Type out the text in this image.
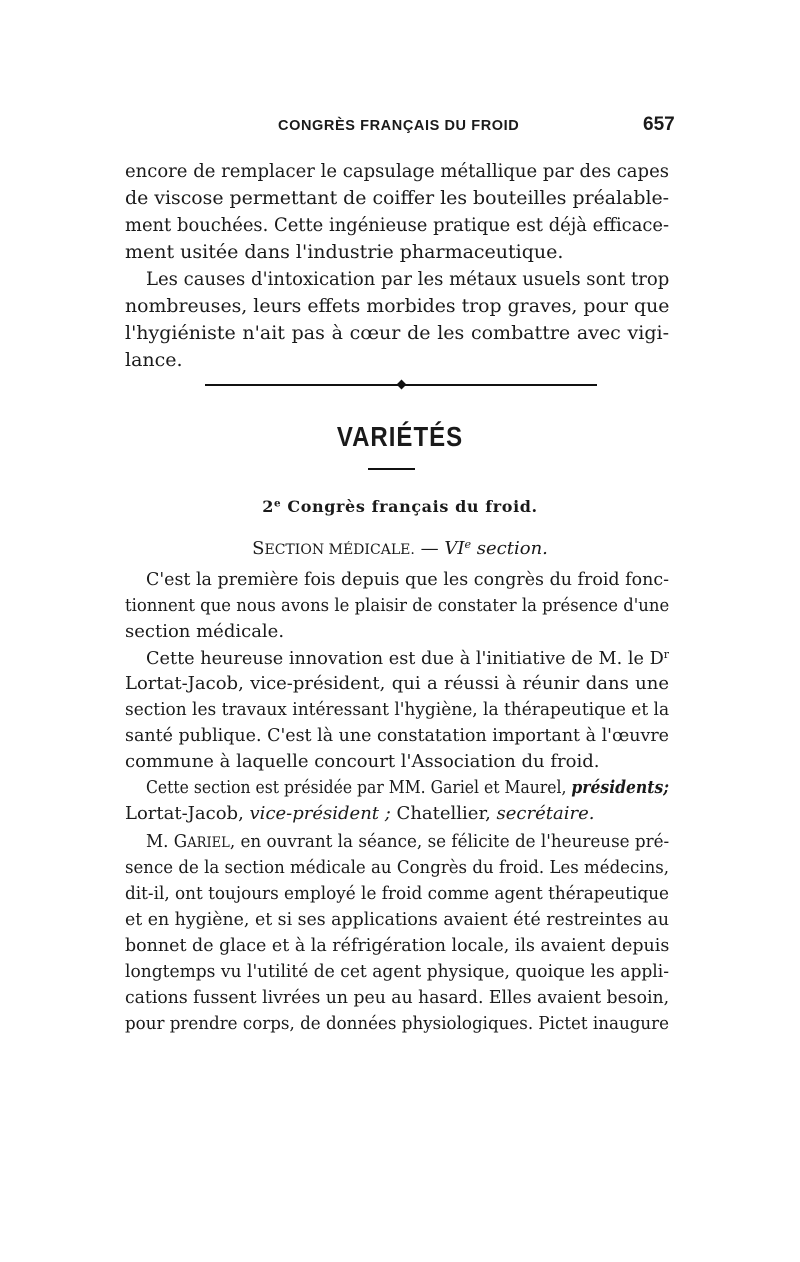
CONGRÈS FRANÇAIS DU FROID	657
encore de remplacer le capsulage métallique par des capes
de viscose permettant de coiffer les bouteilles préalable-
ment bouchées. Cette ingénieuse pratique est déjà efficace-
ment usitée dans l'industrie pharmaceutique.
Les causes d'intoxication par les métaux usuels sont trop
nombreuses, leurs effets morbides trop graves, pour que
l'hygiéniste n'ait pas à cœur de les combattre avec vigi-
lance.
VARIÉTÉS
2e Congrès français du froid.
SECTION MÉDICALE. — VIe section.
C'est la première fois depuis que les congrès du froid fonc-
tionnent que nous avons le plaisir de constater la présence d'une
section médicale.
Cette heureuse innovation est due à l'initiative de M. le $D^r$
Lortat-Jacob, vice-président, qui a réussi à réunir dans une
section les travaux intéressant l'hygiène, la thérapeutique et la
santé publique. C'est là une constatation important à l'œuvre
commune à laquelle concourt l'Association du froid.
Cette section est présidée par MM. Gariel et Maurel, présidents;
Lortat-Jacob, vice-président ; Chatellier, secrétaire.
M. GARIEL, en ouvrant la séance, se félicite de l'heureuse pré-
sence de la section médicale au Congrès du froid. Les médecins,
dit-il, ont toujours employé le froid comme agent thérapeutique
et en hygiène, et si ses applications avaient été restreintes au
bonnet de glace et à la réfrigération locale, ils avaient depuis
longtemps vu l'utilité de cet agent physique, quoique les appli-
cations fussent livrées un peu au hasard. Elles avaient besoin,
pour prendre corps, de données physiologiques. Pictet inaugure
